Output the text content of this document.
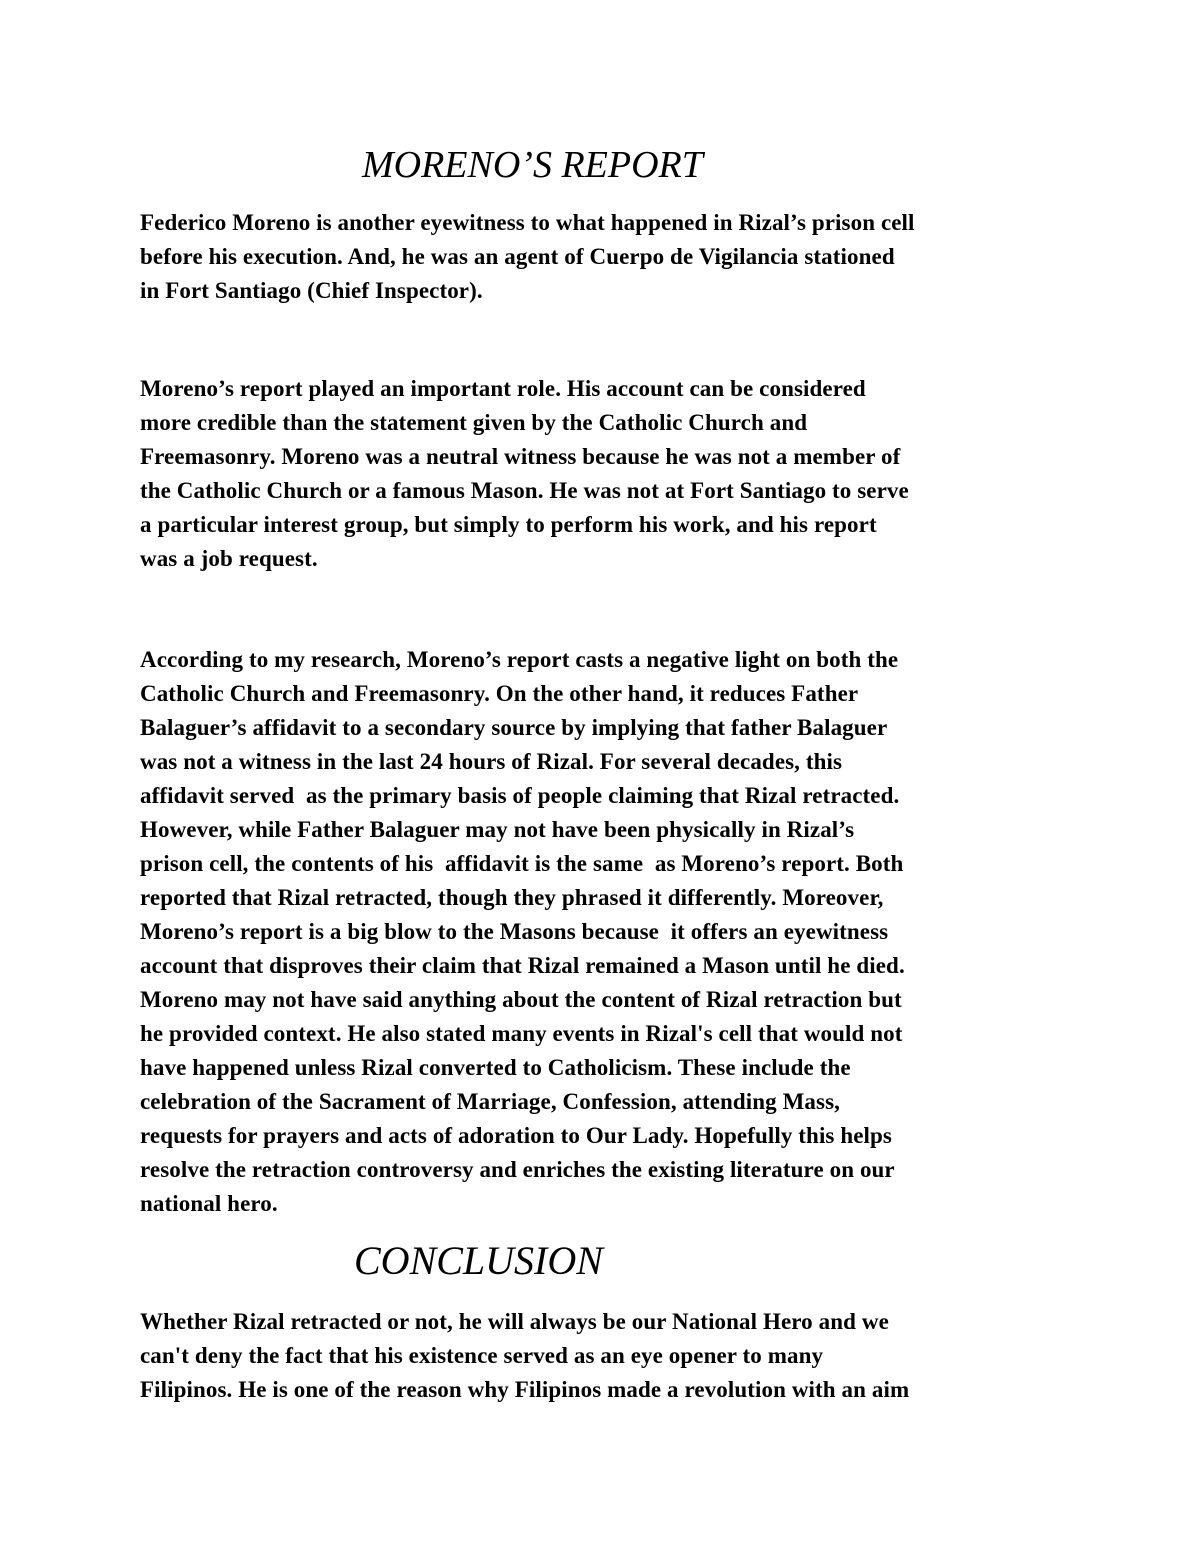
MORENO’S REPORT
Federico Moreno is another eyewitness to what happened in Rizal’s prison cell
before his execution. And, he was an agent of Cuerpo de Vigilancia stationed
in Fort Santiago (Chief Inspector).
Moreno’s report played an important role. His account can be considered
more credible than the statement given by the Catholic Church and
Freemasonry. Moreno was a neutral witness because he was not a member of
the Catholic Church or a famous Mason. He was not at Fort Santiago to serve
a particular interest group, but simply to perform his work, and his report
was a job request.
According to my research, Moreno’s report casts a negative light on both the
Catholic Church and Freemasonry. On the other hand, it reduces Father
Balaguer’s affidavit to a secondary source by implying that father Balaguer
was not a witness in the last 24 hours of Rizal. For several decades, this
affidavit served  as the primary basis of people claiming that Rizal retracted.
However, while Father Balaguer may not have been physically in Rizal’s
prison cell, the contents of his  affidavit is the same  as Moreno’s report. Both
reported that Rizal retracted, though they phrased it differently. Moreover,
Moreno’s report is a big blow to the Masons because  it offers an eyewitness
account that disproves their claim that Rizal remained a Mason until he died.
Moreno may not have said anything about the content of Rizal retraction but
he provided context. He also stated many events in Rizal's cell that would not
have happened unless Rizal converted to Catholicism. These include the
celebration of the Sacrament of Marriage, Confession, attending Mass,
requests for prayers and acts of adoration to Our Lady. Hopefully this helps
resolve the retraction controversy and enriches the existing literature on our
national hero.
CONCLUSION
Whether Rizal retracted or not, he will always be our National Hero and we
can't deny the fact that his existence served as an eye opener to many
Filipinos. He is one of the reason why Filipinos made a revolution with an aim
